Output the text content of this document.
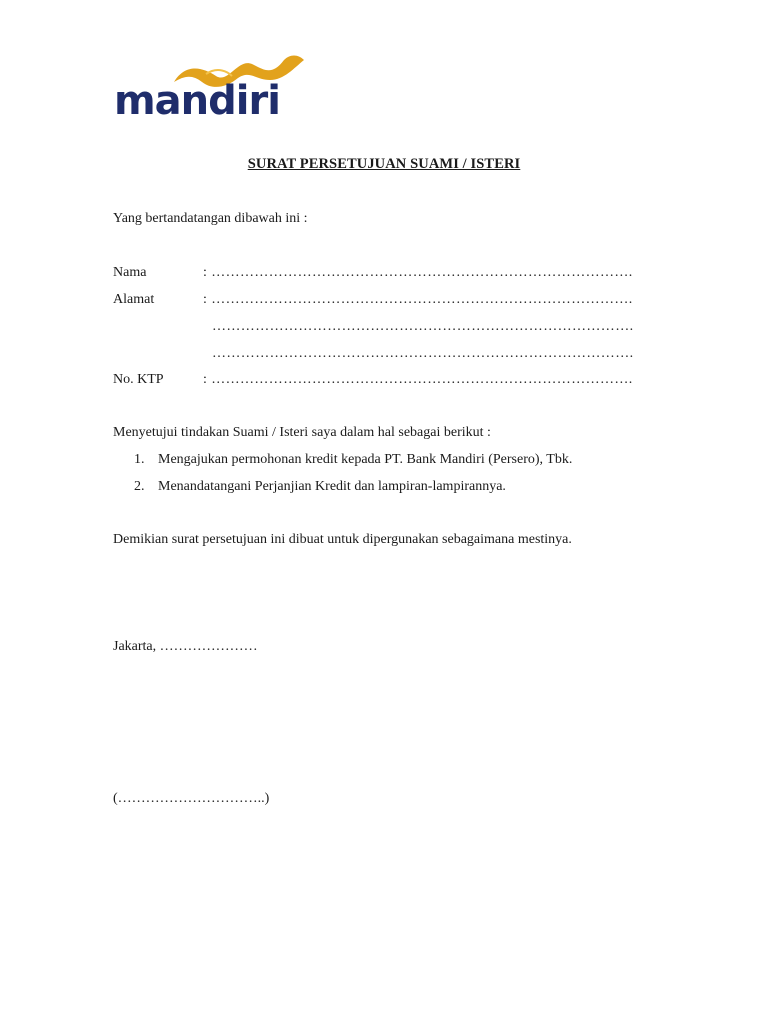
mandiri
SURAT PERSETUJUAN SUAMI / ISTERI
Yang bertandatangan dibawah ini :
Nama	: …………………………………………………………………………….
Alamat	: …………………………………………………………………………….
…………………………………………………………………………….
…………………………………………………………………………….
No. KTP	: …………………………………………………………………………….
Menyetujui tindakan Suami / Isteri saya dalam hal sebagai berikut :
1. Mengajukan permohonan kredit kepada PT. Bank Mandiri (Persero), Tbk.
2. Menandatangani Perjanjian Kredit dan lampiran-lampirannya.
Demikian surat persetujuan ini dibuat untuk dipergunakan sebagaimana mestinya.
Jakarta, …………………
(…………………………..)
